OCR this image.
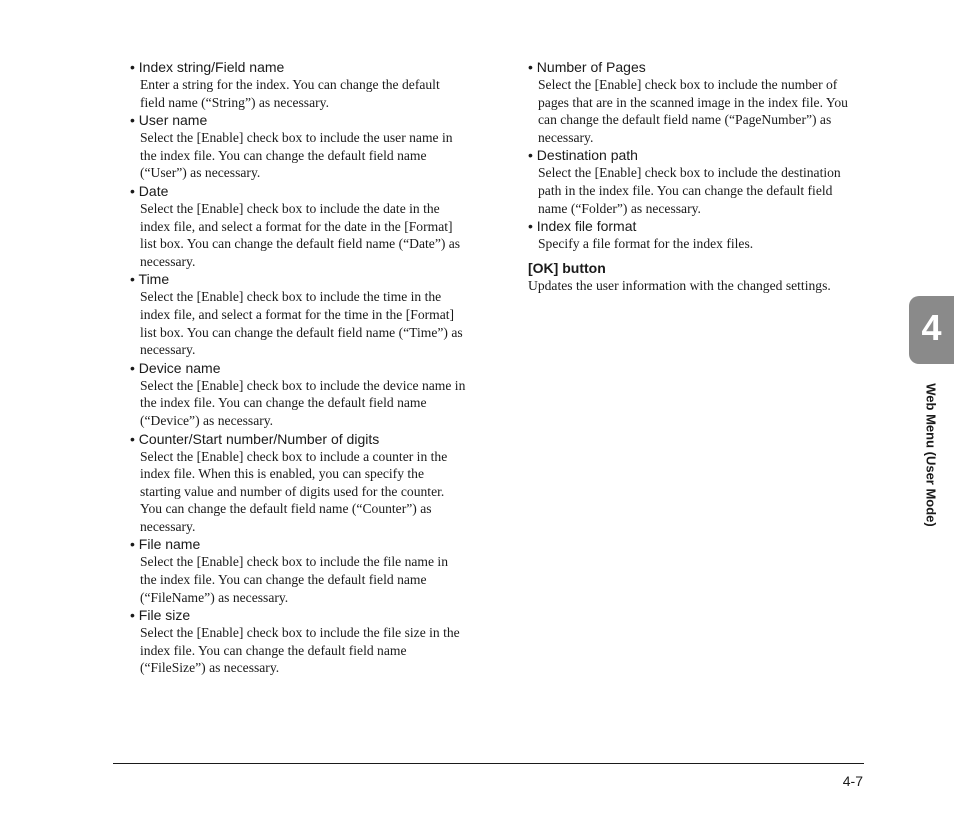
• Index string/Field name

Enter a string for the index. You can change the default field name (“String”) as necessary.

• User name

Select the [Enable] check box to include the user name in the index file. You can change the default field name (“User”) as necessary.

• Date

Select the [Enable] check box to include the date in the index file, and select a format for the date in the [Format] list box. You can change the default field name (“Date”) as necessary.

• Time

Select the [Enable] check box to include the time in the index file, and select a format for the time in the [Format] list box. You can change the default field name (“Time”) as necessary.

• Device name

Select the [Enable] check box to include the device name in the index file. You can change the default field name (“Device”) as necessary.

• Counter/Start number/Number of digits

Select the [Enable] check box to include a counter in the index file. When this is enabled, you can specify the starting value and number of digits used for the counter. You can change the default field name (“Counter”) as necessary.

• File name

Select the [Enable] check box to include the file name in the index file. You can change the default field name (“FileName”) as necessary.

• File size

Select the [Enable] check box to include the file size in the index file. You can change the default field name (“FileSize”) as necessary.

• Number of Pages

Select the [Enable] check box to include the number of pages that are in the scanned image in the index file. You can change the default field name (“PageNumber”) as necessary.

• Destination path

Select the [Enable] check box to include the destination path in the index file. You can change the default field name (“Folder”) as necessary.

• Index file format

Specify a file format for the index files.

[OK] button

Updates the user information with the changed settings.

4
Web Menu (User Mode)
4-7
